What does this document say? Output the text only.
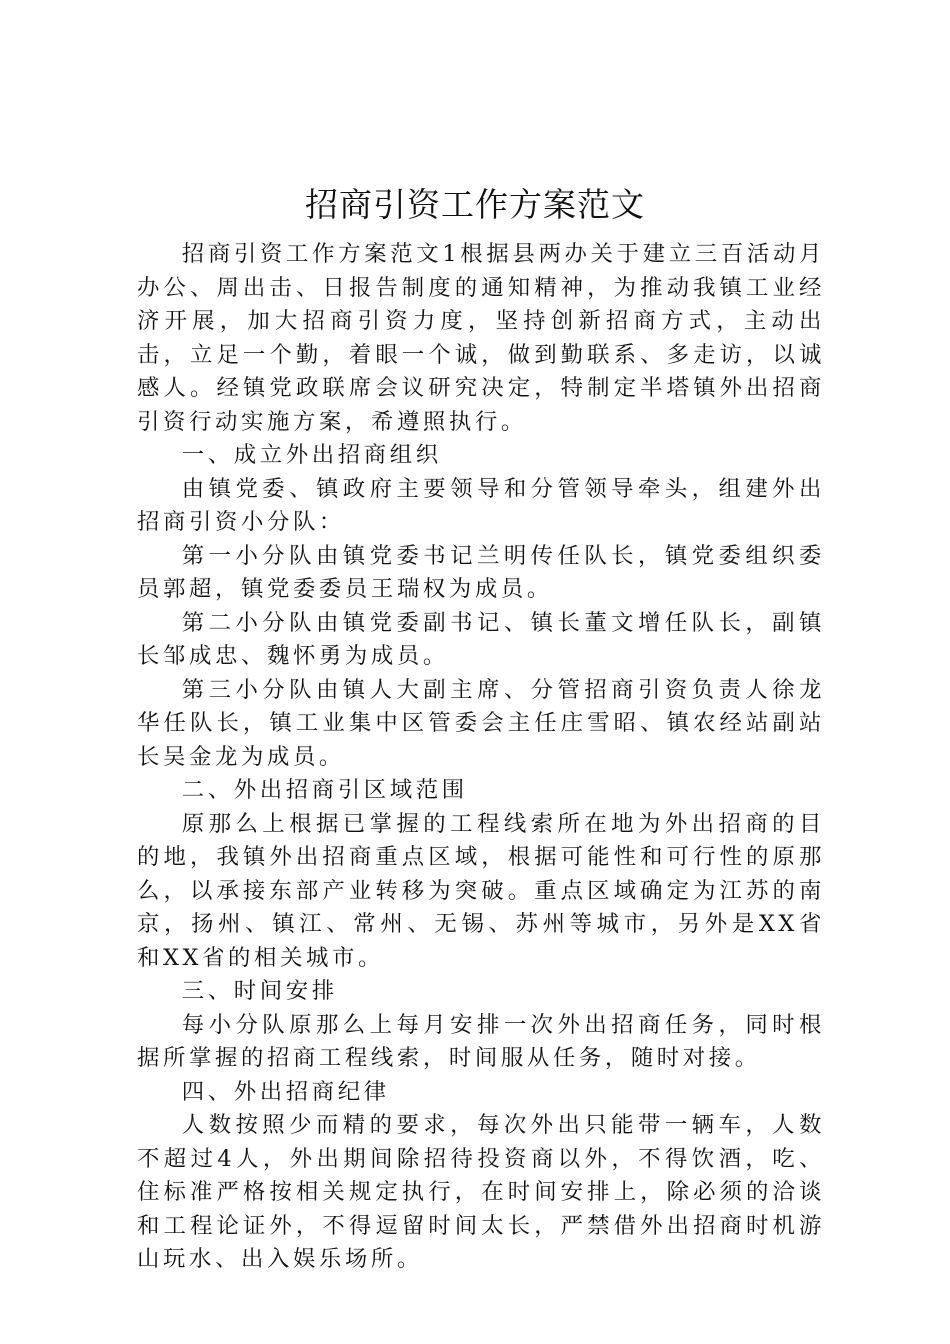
招商引资工作方案范文

招商引资工作方案范文1根据县两办关于建立三百活动月办公、周出击、日报告制度的通知精神，为推动我镇工业经济开展，加大招商引资力度，坚持创新招商方式，主动出击，立足一个勤，着眼一个诚，做到勤联系、多走访，以诚感人。经镇党政联席会议研究决定，特制定半塔镇外出招商引资行动实施方案，希遵照执行。

一、成立外出招商组织

由镇党委、镇政府主要领导和分管领导牵头，组建外出招商引资小分队：

第一小分队由镇党委书记兰明传任队长，镇党委组织委员郭超，镇党委委员王瑞权为成员。

第二小分队由镇党委副书记、镇长董文增任队长，副镇长邹成忠、魏怀勇为成员。

第三小分队由镇人大副主席、分管招商引资负责人徐龙华任队长，镇工业集中区管委会主任庄雪昭、镇农经站副站长吴金龙为成员。

二、外出招商引区域范围

原那么上根据已掌握的工程线索所在地为外出招商的目的地，我镇外出招商重点区域，根据可能性和可行性的原那么，以承接东部产业转移为突破。重点区域确定为江苏的南京，扬州、镇江、常州、无锡、苏州等城市，另外是XX省和XX省的相关城市。

三、时间安排

每小分队原那么上每月安排一次外出招商任务，同时根据所掌握的招商工程线索，时间服从任务，随时对接。

四、外出招商纪律

人数按照少而精的要求，每次外出只能带一辆车，人数不超过4人，外出期间除招待投资商以外，不得饮酒，吃、住标准严格按相关规定执行，在时间安排上，除必须的洽谈和工程论证外，不得逗留时间太长，严禁借外出招商时机游山玩水、出入娱乐场所。
